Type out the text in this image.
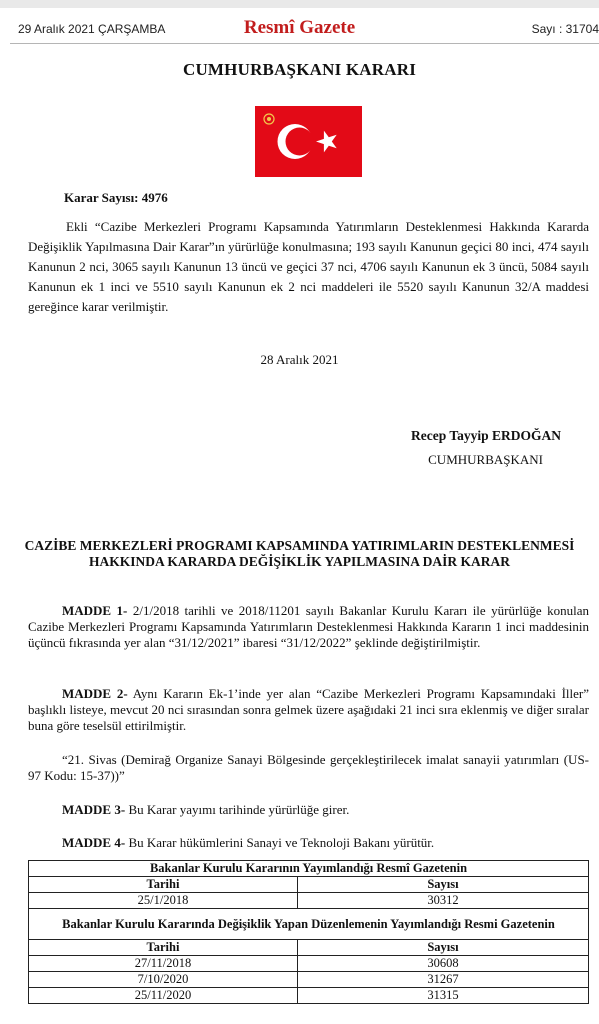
29 Aralık 2021 ÇARŞAMBA	Resmî Gazete	Sayı : 31704
CUMHURBAŞKANI KARARI
Karar Sayısı: 4976
Ekli “Cazibe Merkezleri Programı Kapsamında Yatırımların Desteklenmesi Hakkında Kararda Değişiklik Yapılmasına Dair Karar”ın yürürlüğe konulmasına; 193 sayılı Kanunun geçici 80 inci, 474 sayılı Kanunun 2 nci, 3065 sayılı Kanunun 13 üncü ve geçici 37 nci, 4706 sayılı Kanunun ek 3 üncü, 5084 sayılı Kanunun ek 1 inci ve 5510 sayılı Kanunun ek 2 nci maddeleri ile 5520 sayılı Kanunun 32/A maddesi gereğince karar verilmiştir.
28 Aralık 2021
Recep Tayyip ERDOĞAN
CUMHURBAŞKANI
CAZİBE MERKEZLERİ PROGRAMI KAPSAMINDA YATIRIMLARIN DESTEKLENMESİ HAKKINDA KARARDA DEĞİŞİKLİK YAPILMASINA DAİR KARAR
MADDE 1- 2/1/2018 tarihli ve 2018/11201 sayılı Bakanlar Kurulu Kararı ile yürürlüğe konulan Cazibe Merkezleri Programı Kapsamında Yatırımların Desteklenmesi Hakkında Kararın 1 inci maddesinin üçüncü fıkrasında yer alan “31/12/2021” ibaresi “31/12/2022” şeklinde değiştirilmiştir.
MADDE 2- Aynı Kararın Ek-1’inde yer alan “Cazibe Merkezleri Programı Kapsamındaki İller” başlıklı listeye, mevcut 20 nci sırasından sonra gelmek üzere aşağıdaki 21 inci sıra eklenmiş ve diğer sıralar buna göre teselsül ettirilmiştir.
“21. Sivas (Demirağ Organize Sanayi Bölgesinde gerçekleştirilecek imalat sanayii yatırımları (US-97 Kodu: 15-37))”
MADDE 3- Bu Karar yayımı tarihinde yürürlüğe girer.
MADDE 4- Bu Karar hükümlerini Sanayi ve Teknoloji Bakanı yürütür.
Bakanlar Kurulu Kararının Yayımlandığı Resmî Gazetenin	
Tarihi	Sayısı
25/1/2018	30312
Bakanlar Kurulu Kararında Değişiklik Yapan Düzenlemenin Yayımlandığı Resmi Gazetenin	
Tarihi	Sayısı
27/11/2018	30608
7/10/2020	31267
25/11/2020	31315
